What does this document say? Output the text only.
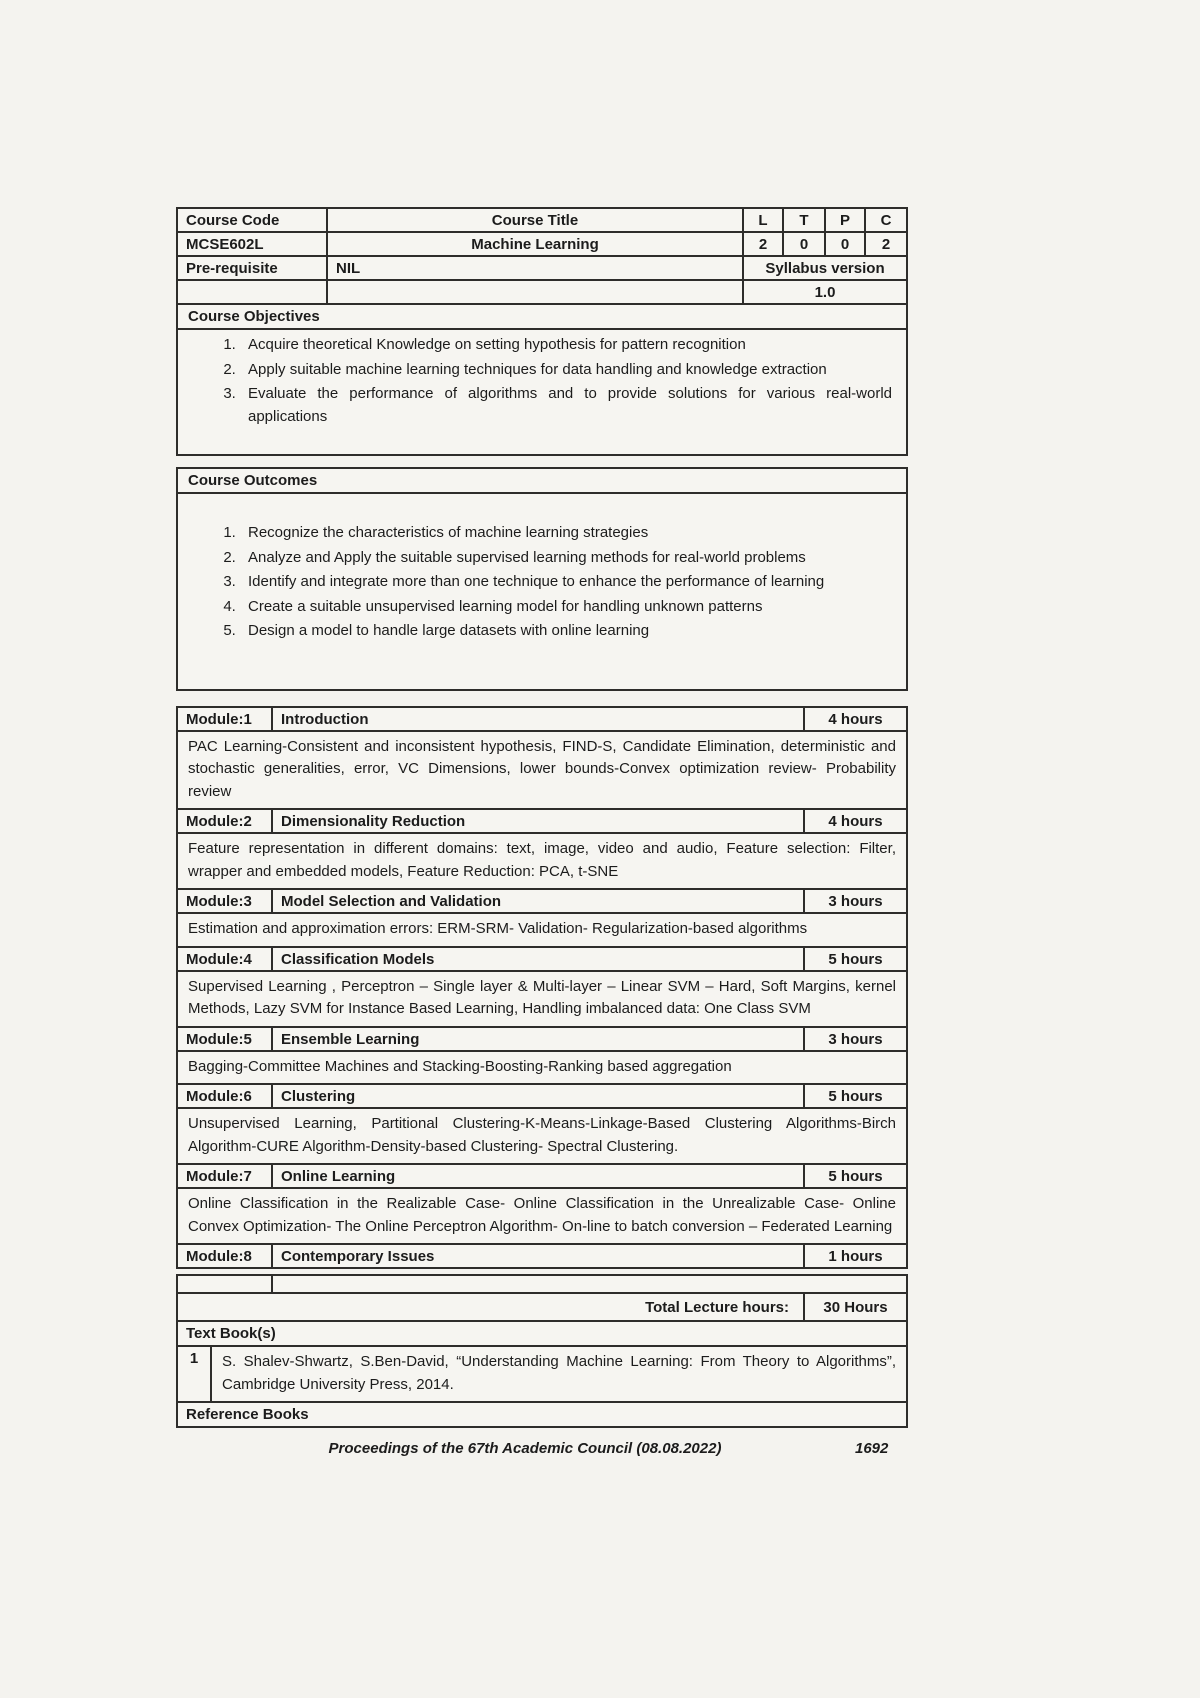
Course Code	Course Title	L	T	P	C
MCSE602L	Machine Learning	2	0	0	2
Pre-requisite	NIL	Syllabus version
1.0
Course Objectives
1. Acquire theoretical Knowledge on setting hypothesis for pattern recognition
2. Apply suitable machine learning techniques for data handling and knowledge extraction
3. Evaluate the performance of algorithms and to provide solutions for various real-world applications
Course Outcomes
1. Recognize the characteristics of machine learning strategies
2. Analyze and Apply the suitable supervised learning methods for real-world problems
3. Identify and integrate more than one technique to enhance the performance of learning
4. Create a suitable unsupervised learning model for handling unknown patterns
5. Design a model to handle large datasets with online learning
Module:1	Introduction	4 hours
PAC Learning-Consistent and inconsistent hypothesis, FIND-S, Candidate Elimination, deterministic and stochastic generalities, error, VC Dimensions, lower bounds-Convex optimization review- Probability review
Module:2	Dimensionality Reduction	4 hours
Feature representation in different domains: text, image, video and audio, Feature selection: Filter, wrapper and embedded models, Feature Reduction: PCA, t-SNE
Module:3	Model Selection and Validation	3 hours
Estimation and approximation errors: ERM-SRM- Validation- Regularization-based algorithms
Module:4	Classification Models	5 hours
Supervised Learning , Perceptron – Single layer & Multi-layer – Linear SVM – Hard, Soft Margins, kernel Methods, Lazy SVM for Instance Based Learning, Handling imbalanced data: One Class SVM
Module:5	Ensemble Learning	3 hours
Bagging-Committee Machines and Stacking-Boosting-Ranking based aggregation
Module:6	Clustering	5 hours
Unsupervised Learning, Partitional Clustering-K-Means-Linkage-Based Clustering Algorithms-Birch Algorithm-CURE Algorithm-Density-based Clustering- Spectral Clustering.
Module:7	Online Learning	5 hours
Online Classification in the Realizable Case- Online Classification in the Unrealizable Case- Online Convex Optimization- The Online Perceptron Algorithm- On-line to batch conversion – Federated Learning
Module:8	Contemporary Issues	1 hours
Total Lecture hours:	30 Hours
Text Book(s)
1	S. Shalev-Shwartz, S.Ben-David, “Understanding Machine Learning: From Theory to Algorithms”, Cambridge University Press, 2014.
Reference Books
Proceedings of the 67th Academic Council (08.08.2022)	1692
